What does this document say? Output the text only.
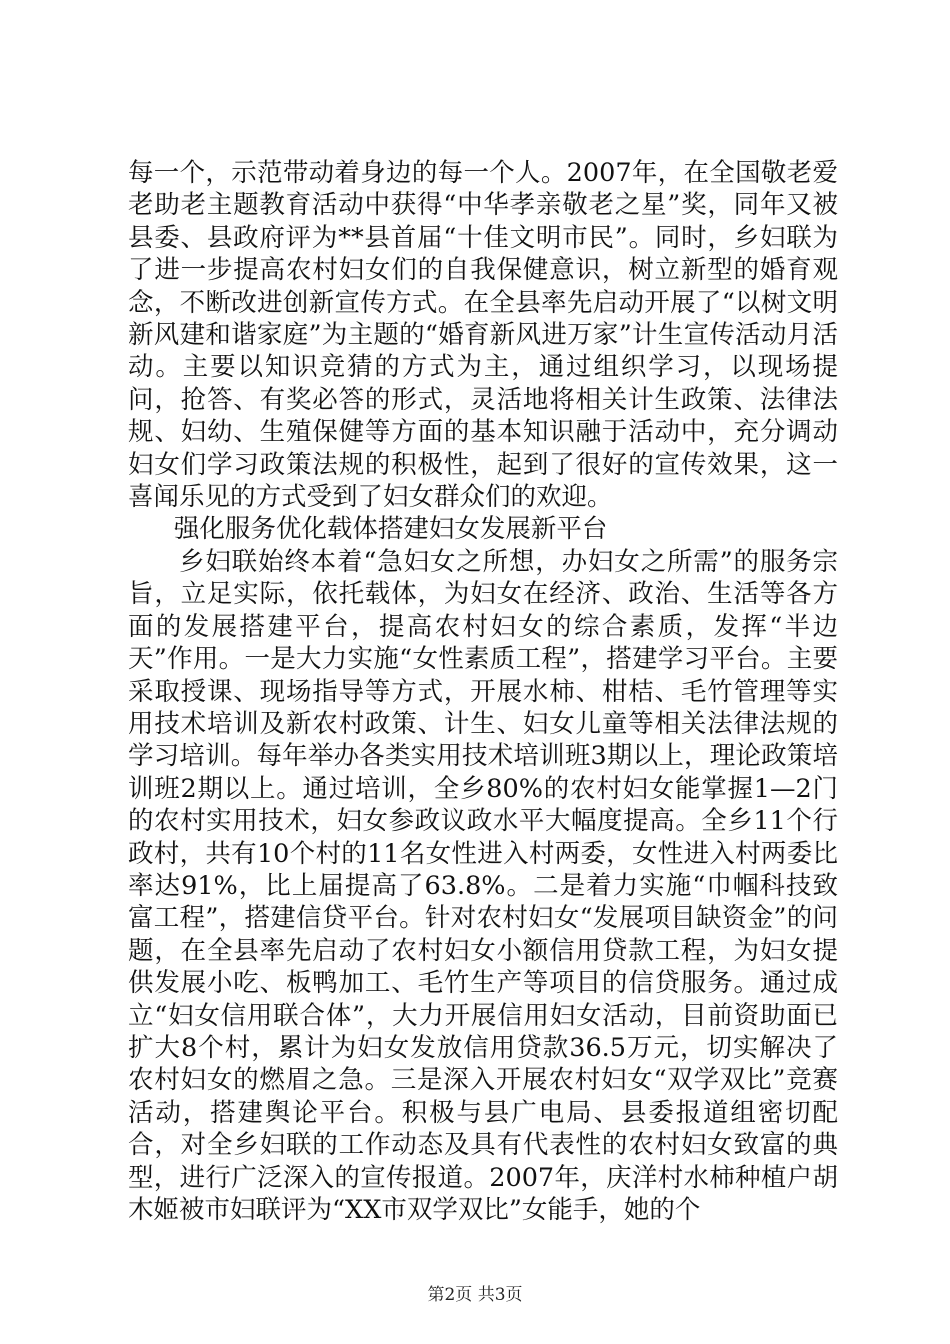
每一个，示范带动着身边的每一个人。2007年，在全国敬老爱老助老主题教育活动中获得“中华孝亲敬老之星”奖，同年又被县委、县政府评为**县首届“十佳文明市民”。同时，乡妇联为了进一步提高农村妇女们的自我保健意识，树立新型的婚育观念，不断改进创新宣传方式。在全县率先启动开展了“以树文明新风建和谐家庭”为主题的“婚育新风进万家”计生宣传活动月活动。主要以知识竞猜的方式为主，通过组织学习，以现场提问，抢答、有奖必答的形式，灵活地将相关计生政策、法律法规、妇幼、生殖保健等方面的基本知识融于活动中，充分调动妇女们学习政策法规的积极性，起到了很好的宣传效果，这一喜闻乐见的方式受到了妇女群众们的欢迎。

强化服务优化载体搭建妇女发展新平台

乡妇联始终本着“急妇女之所想，办妇女之所需”的服务宗旨，立足实际，依托载体，为妇女在经济、政治、生活等各方面的发展搭建平台，提高农村妇女的综合素质，发挥“半边天”作用。一是大力实施“女性素质工程”，搭建学习平台。主要采取授课、现场指导等方式，开展水柿、柑桔、毛竹管理等实用技术培训及新农村政策、计生、妇女儿童等相关法律法规的学习培训。每年举办各类实用技术培训班3期以上，理论政策培训班2期以上。通过培训，全乡80%的农村妇女能掌握1—2门的农村实用技术，妇女参政议政水平大幅度提高。全乡11个行政村，共有10个村的11名女性进入村两委，女性进入村两委比率达91%，比上届提高了63.8%。二是着力实施“巾帼科技致富工程”，搭建信贷平台。针对农村妇女“发展项目缺资金”的问题，在全县率先启动了农村妇女小额信用贷款工程，为妇女提供发展小吃、板鸭加工、毛竹生产等项目的信贷服务。通过成立“妇女信用联合体”，大力开展信用妇女活动，目前资助面已扩大8个村，累计为妇女发放信用贷款36.5万元，切实解决了农村妇女的燃眉之急。三是深入开展农村妇女“双学双比”竞赛活动，搭建舆论平台。积极与县广电局、县委报道组密切配合，对全乡妇联的工作动态及具有代表性的农村妇女致富的典型，进行广泛深入的宣传报道。2007年，庆洋村水柿种植户胡木姬被市妇联评为“XX市双学双比”女能手，她的个

第2页 共3页
